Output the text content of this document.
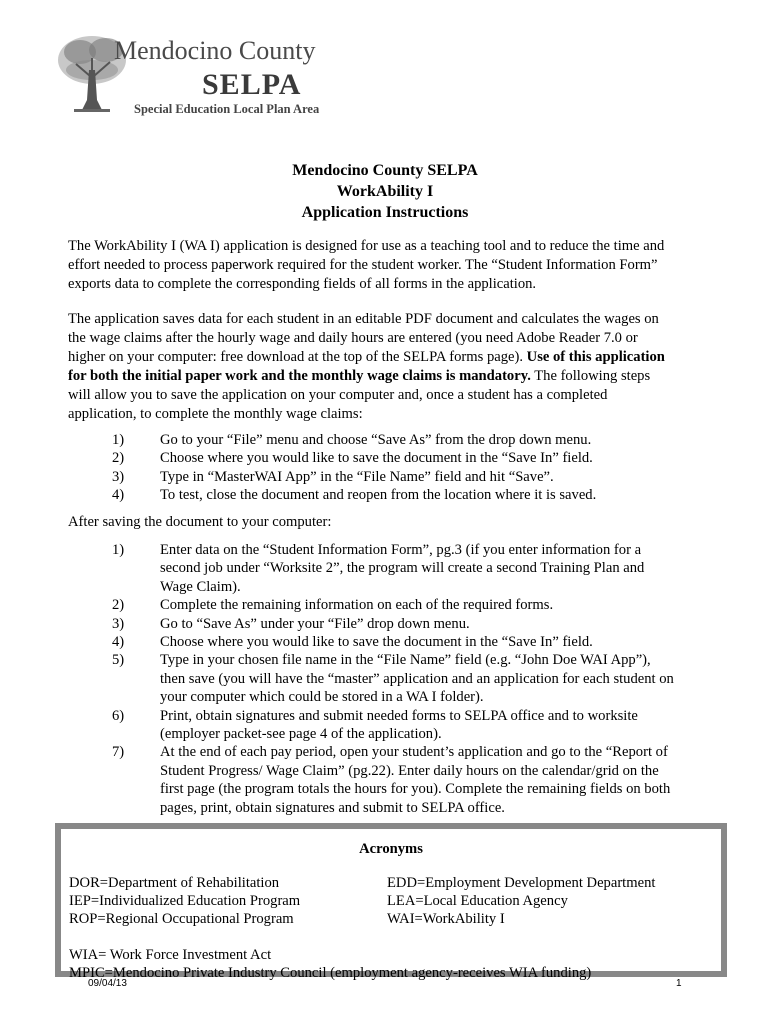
Mendocino County
SELPA
Special Education Local Plan Area
Mendocino County SELPA
WorkAbility I
Application Instructions
The WorkAbility I (WA I) application is designed for use as a teaching tool and to reduce the time and
effort needed to process paperwork required for the student worker. The “Student Information Form”
exports data to complete the corresponding fields of all forms in the application.
The application saves data for each student in an editable PDF document and calculates the wages on
the wage claims after the hourly wage and daily hours are entered (you need Adobe Reader 7.0 or
higher on your computer: free download at the top of the SELPA forms page). Use of this application
for both the initial paper work and the monthly wage claims is mandatory. The following steps
will allow you to save the application on your computer and, once a student has a completed
application, to complete the monthly wage claims:
1) Go to your “File” menu and choose “Save As” from the drop down menu.
2) Choose where you would like to save the document in the “Save In” field.
3) Type in “MasterWAI App” in the “File Name” field and hit “Save”.
4) To test, close the document and reopen from the location where it is saved.
After saving the document to your computer:
1) Enter data on the “Student Information Form”, pg.3 (if you enter information for a
second job under “Worksite 2”, the program will create a second Training Plan and
Wage Claim).
2) Complete the remaining information on each of the required forms.
3) Go to “Save As” under your “File” drop down menu.
4) Choose where you would like to save the document in the “Save In” field.
5) Type in your chosen file name in the “File Name” field (e.g. “John Doe WAI App”),
then save (you will have the “master” application and an application for each student on
your computer which could be stored in a WA I folder).
6) Print, obtain signatures and submit needed forms to SELPA office and to worksite
(employer packet-see page 4 of the application).
7) At the end of each pay period, open your student’s application and go to the “Report of
Student Progress/ Wage Claim” (pg.22). Enter daily hours on the calendar/grid on the
first page (the program totals the hours for you). Complete the remaining fields on both
pages, print, obtain signatures and submit to SELPA office.
Acronyms
DOR=Department of Rehabilitation
IEP=Individualized Education Program
ROP=Regional Occupational Program
EDD=Employment Development Department
LEA=Local Education Agency
WAI=WorkAbility I
WIA= Work Force Investment Act
MPIC=Mendocino Private Industry Council (employment agency-receives WIA funding)
09/04/13	1
